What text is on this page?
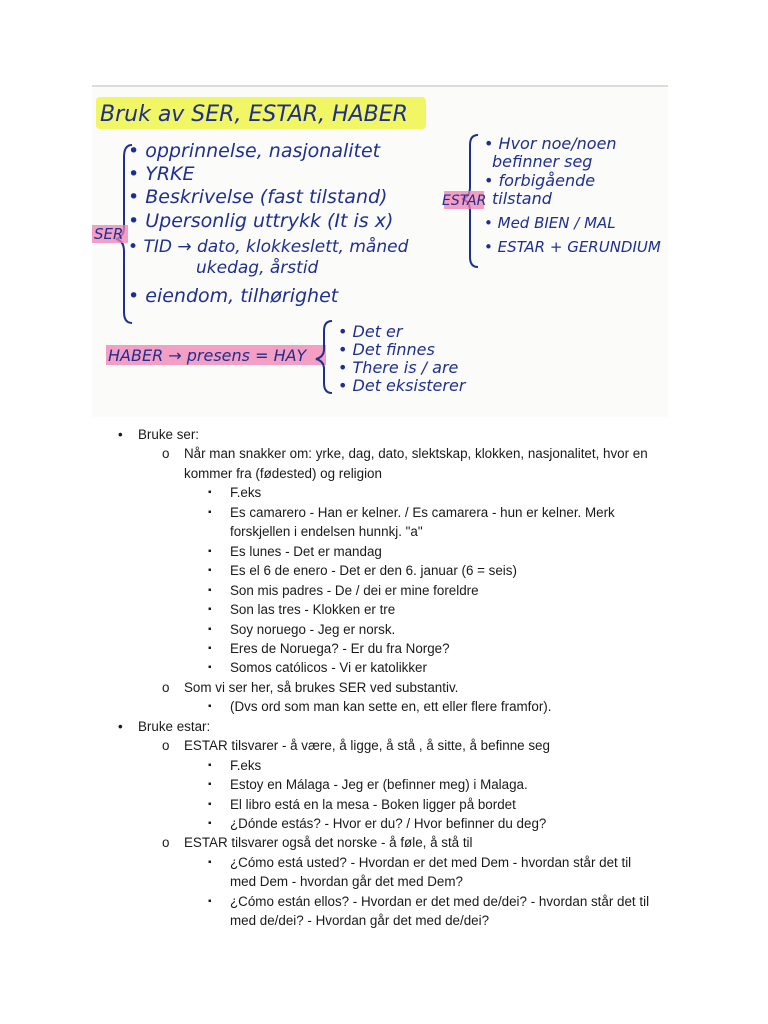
Bruk av SER, ESTAR, HABER
SER
• opprinnelse, nasjonalitet
• YRKE
• Beskrivelse (fast tilstand)
• Upersonlig uttrykk (It is x)
• TID → dato, klokkeslett, måned
ukedag, årstid
• eiendom, tilhørighet
ESTAR
• Hvor noe/noen
befinner seg
• forbigående
tilstand
• Med BIEN / MAL
• ESTAR + GERUNDIUM
HABER → presens = HAY
• Det er
• Det finnes
• There is / are
• Det eksisterer
•	Bruke ser:
o	Når man snakker om: yrke, dag, dato, slektskap, klokken, nasjonalitet, hvor en
kommer fra (fødested) og religion
▪	F.eks
▪	Es camarero - Han er kelner. / Es camarera - hun er kelner. Merk
forskjellen i endelsen hunnkj. "a"
▪	Es lunes - Det er mandag
▪	Es el 6 de enero - Det er den 6. januar (6 = seis)
▪	Son mis padres - De / dei er mine foreldre
▪	Son las tres - Klokken er tre
▪	Soy noruego - Jeg er norsk.
▪	Eres de Noruega? - Er du fra Norge?
▪	Somos católicos - Vi er katolikker
o	Som vi ser her, så brukes SER ved substantiv.
▪	(Dvs ord som man kan sette en, ett eller flere framfor).
•	Bruke estar:
o	ESTAR tilsvarer - å være, å ligge, å stå , å sitte, å befinne seg
▪	F.eks
▪	Estoy en Málaga - Jeg er (befinner meg) i Malaga.
▪	El libro está en la mesa - Boken ligger på bordet
▪	¿Dónde estás? - Hvor er du? / Hvor befinner du deg?
o	ESTAR tilsvarer også det norske - å føle, å stå til
▪	¿Cómo está usted? - Hvordan er det med Dem - hvordan står det til
med Dem - hvordan går det med Dem?
▪	¿Cómo están ellos? - Hvordan er det med de/dei? - hvordan står det til
med de/dei? - Hvordan går det med de/dei?
